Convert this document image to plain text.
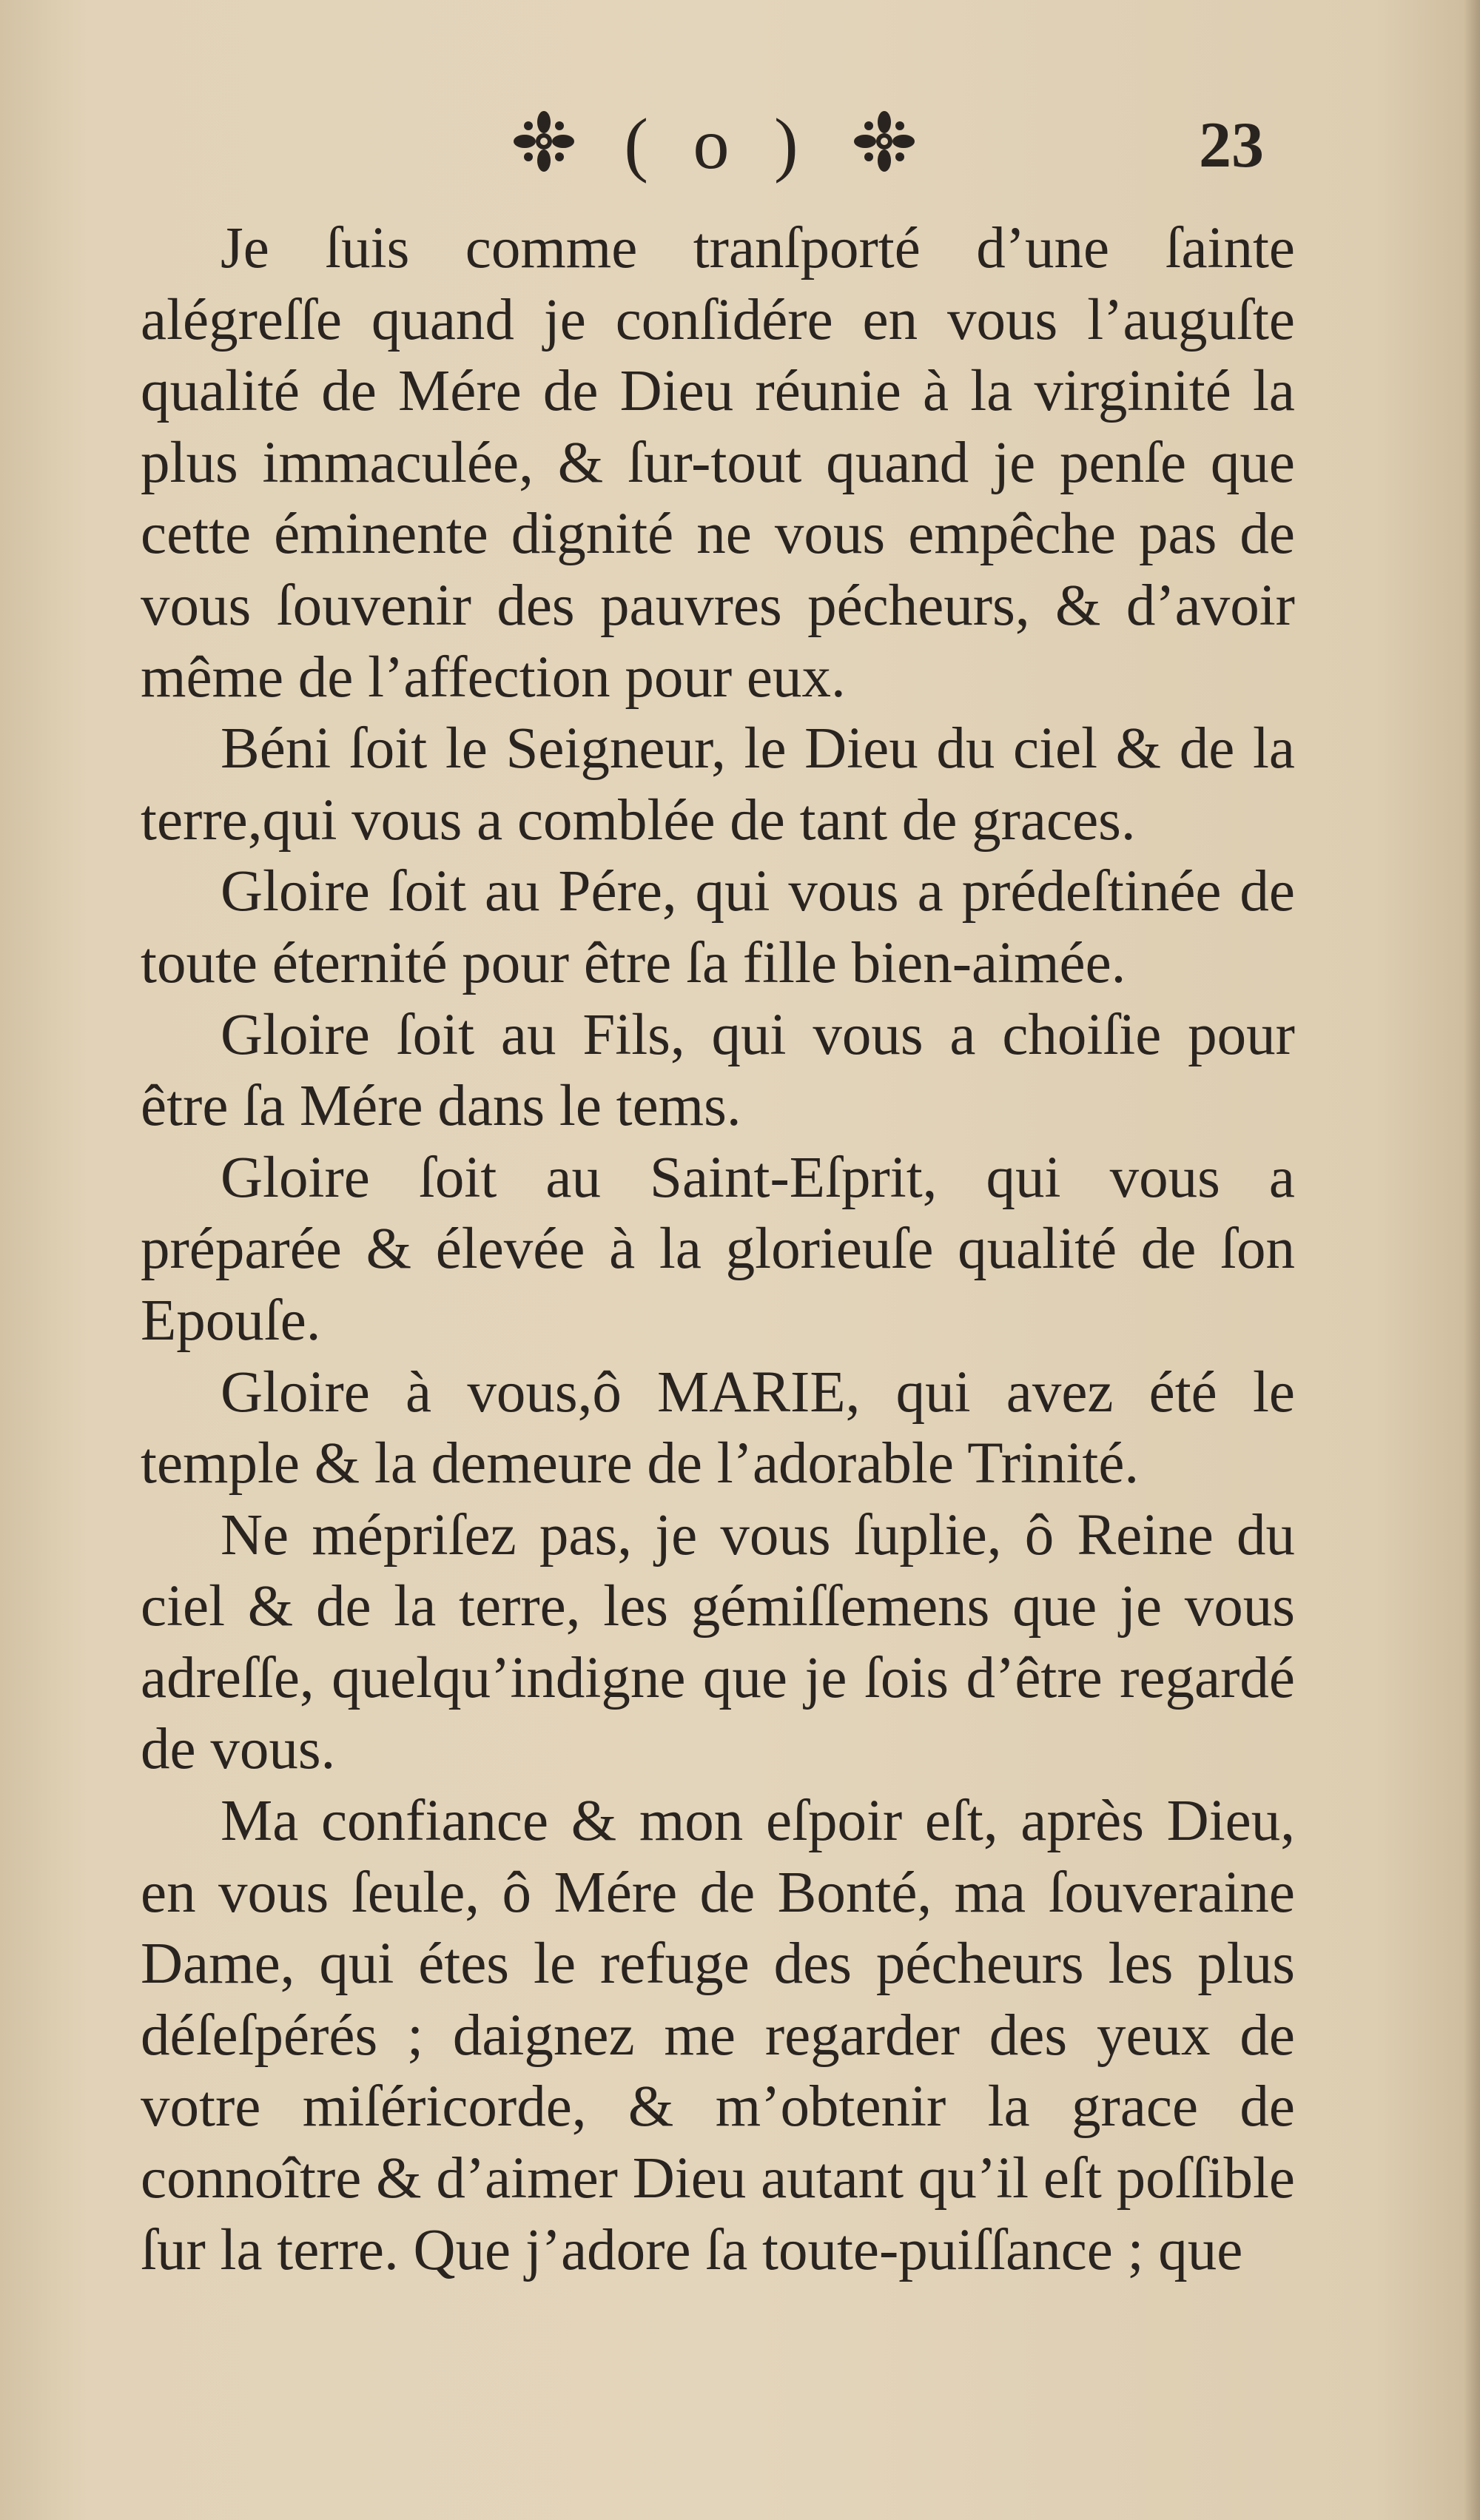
( o )	23

Je ſuis comme tranſporté d’une ſainte alégreſſe quand je conſidére en vous l’auguſte qualité de Mére de Dieu réunie à la virginité la plus immaculée, & ſur-tout quand je penſe que cette éminente dignité ne vous empêche pas de vous ſouvenir des pauvres pécheurs, & d’avoir même de l’affection pour eux.

Béni ſoit le Seigneur, le Dieu du ciel & de la terre,qui vous a comblée de tant de graces.

Gloire ſoit au Pére, qui vous a prédeſtinée de toute éternité pour être ſa fille bien-aimée.

Gloire ſoit au Fils, qui vous a choiſie pour être ſa Mére dans le tems.

Gloire ſoit au Saint-Eſprit, qui vous a préparée & élevée à la glorieuſe qualité de ſon Epouſe.

Gloire à vous,ô MARIE, qui avez été le temple & la demeure de l’adorable Trinité.

Ne mépriſez pas, je vous ſuplie, ô Reine du ciel & de la terre, les gémiſſemens que je vous adreſſe, quelqu’indigne que je ſois d’être regardé de vous.

Ma confiance & mon eſpoir eſt, après Dieu, en vous ſeule, ô Mére de Bonté, ma ſouveraine Dame, qui étes le refuge des pécheurs les plus déſeſpérés ; daignez me regarder des yeux de votre miſéricorde, & m’obtenir la grace de connoître & d’aimer Dieu autant qu’il eſt poſſible ſur la terre. Que j’adore ſa toute-puiſſance ; que
